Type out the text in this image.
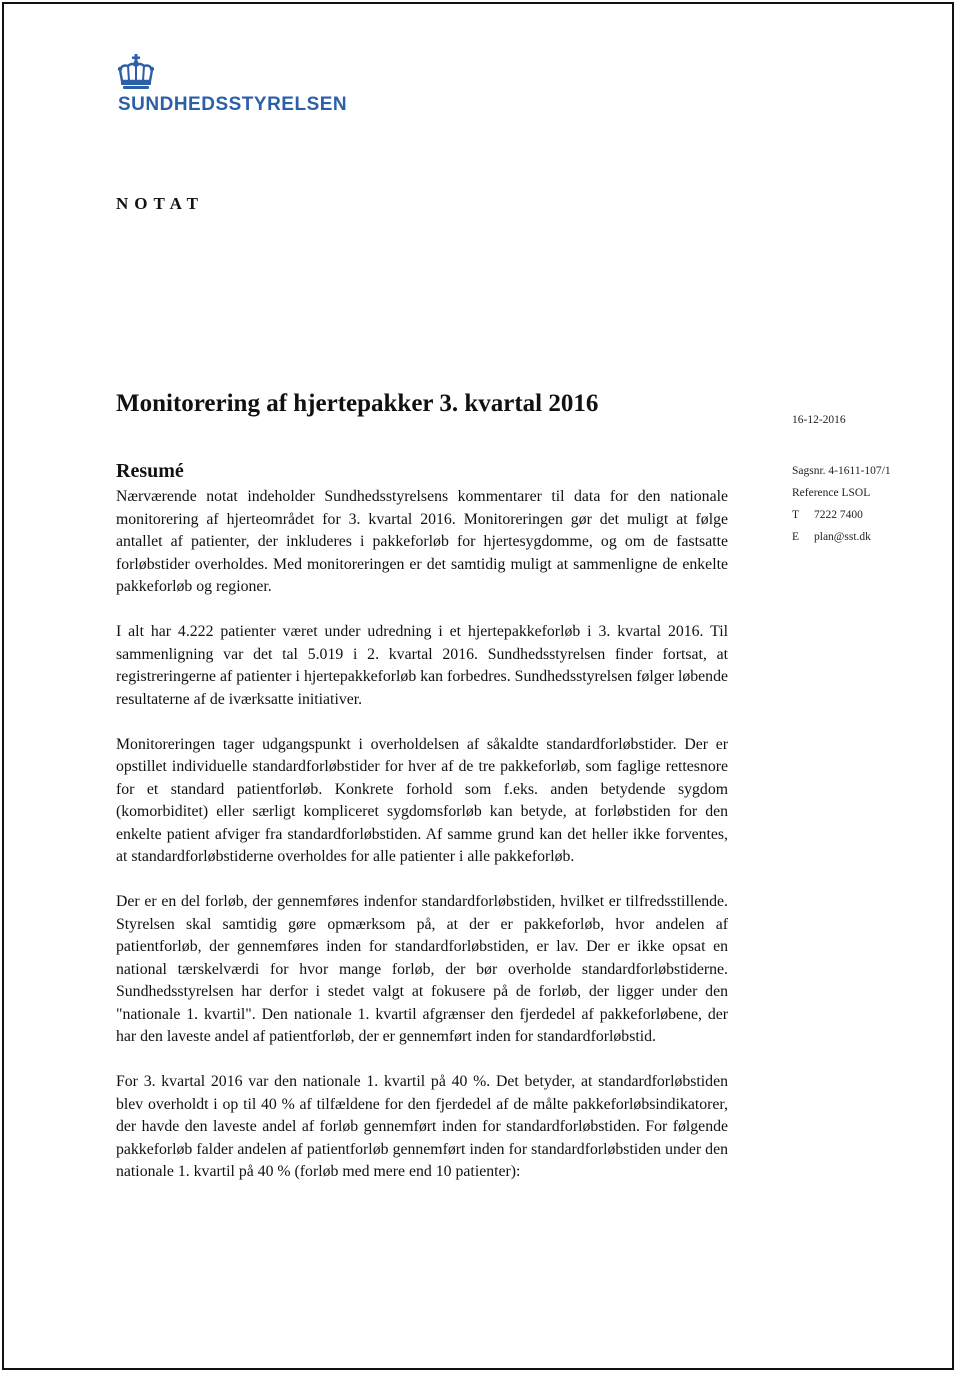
SUNDHEDSSTYRELSEN
NOTAT
Monitorering af hjertepakker 3. kvartal 2016
16-12-2016
Sagsnr. 4-1611-107/1
Reference LSOL
T 7222 7400
E plan@sst.dk
Resumé

Nærværende notat indeholder Sundhedsstyrelsens kommentarer til data for den nationale monitorering af hjerteområdet for 3. kvartal 2016. Monitoreringen gør det muligt at følge antallet af patienter, der inkluderes i pakkeforløb for hjertesygdomme, og om de fastsatte forløbstider overholdes. Med monitoreringen er det samtidig muligt at sammenligne de enkelte pakkeforløb og regioner.

I alt har 4.222 patienter været under udredning i et hjertepakkeforløb i 3. kvartal 2016. Til sammenligning var det tal 5.019 i 2. kvartal 2016. Sundhedsstyrelsen finder fortsat, at registreringerne af patienter i hjertepakkeforløb kan forbedres. Sundhedsstyrelsen følger løbende resultaterne af de iværksatte initiativer.

Monitoreringen tager udgangspunkt i overholdelsen af såkaldte standardforløbstider. Der er opstillet individuelle standardforløbstider for hver af de tre pakkeforløb, som faglige rettesnore for et standard patientforløb. Konkrete forhold som f.eks. anden betydende sygdom (komorbiditet) eller særligt kompliceret sygdomsforløb kan betyde, at forløbstiden for den enkelte patient afviger fra standardforløbstiden. Af samme grund kan det heller ikke forventes, at standardforløbstiderne overholdes for alle patienter i alle pakkeforløb.

Der er en del forløb, der gennemføres indenfor standardforløbstiden, hvilket er tilfredsstillende. Styrelsen skal samtidig gøre opmærksom på, at der er pakkeforløb, hvor andelen af patientforløb, der gennemføres inden for standardforløbstiden, er lav. Der er ikke opsat en national tærskelværdi for hvor mange forløb, der bør overholde standardforløbstiderne. Sundhedsstyrelsen har derfor i stedet valgt at fokusere på de forløb, der ligger under den "nationale 1. kvartil". Den nationale 1. kvartil afgrænser den fjerdedel af pakkeforløbene, der har den laveste andel af patientforløb, der er gennemført inden for standardforløbstid.

For 3. kvartal 2016 var den nationale 1. kvartil på 40 %. Det betyder, at standardforløbstiden blev overholdt i op til 40 % af tilfældene for den fjerdedel af de målte pakkeforløbsindikatorer, der havde den laveste andel af forløb gennemført inden for standardforløbstiden. For følgende pakkeforløb falder andelen af patientforløb gennemført inden for standardforløbstiden under den nationale 1. kvartil på 40 % (forløb med mere end 10 patienter):
